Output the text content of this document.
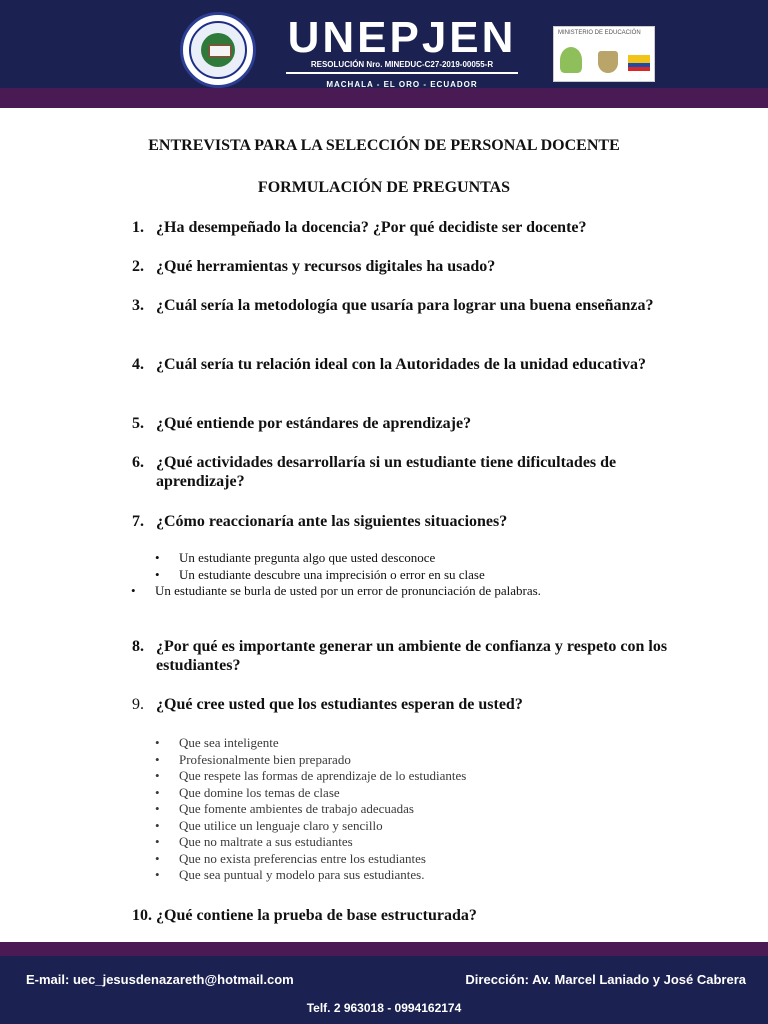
UNEPJEN
RESOLUCIÓN Nro. MINEDUC-C27-2019-00055-R
MACHALA - EL ORO - ECUADOR
MINISTERIO DE EDUCACIÓN
ENTREVISTA PARA LA SELECCIÓN DE PERSONAL DOCENTE
FORMULACIÓN DE PREGUNTAS
1. ¿Ha desempeñado la docencia? ¿Por qué decidiste ser docente?
2. ¿Qué herramientas y recursos digitales ha usado?
3. ¿Cuál sería la metodología que usaría para lograr una buena enseñanza?
4. ¿Cuál sería tu relación ideal con la Autoridades de la unidad educativa?
5. ¿Qué entiende por estándares de aprendizaje?
6. ¿Qué actividades desarrollaría si un estudiante tiene dificultades de aprendizaje?
7. ¿Cómo reaccionaría ante las siguientes situaciones?
• Un estudiante pregunta algo que usted desconoce
• Un estudiante descubre una imprecisión o error en su clase
• Un estudiante se burla de usted por un error de pronunciación de palabras.
8. ¿Por qué es importante generar un ambiente de confianza y respeto con los estudiantes?
9. ¿Qué cree usted que los estudiantes esperan de usted?
• Que sea inteligente
• Profesionalmente bien preparado
• Que respete las formas de aprendizaje de lo estudiantes
• Que domine los temas de clase
• Que fomente ambientes de trabajo adecuadas
• Que utilice un lenguaje claro y sencillo
• Que no maltrate a sus estudiantes
• Que no exista preferencias entre los estudiantes
• Que sea puntual y modelo para sus estudiantes.
10. ¿Qué contiene la prueba de base estructurada?
E-mail: uec_jesusdenazareth@hotmail.com	Dirección: Av. Marcel Laniado y José Cabrera
Telf. 2 963018 - 0994162174
